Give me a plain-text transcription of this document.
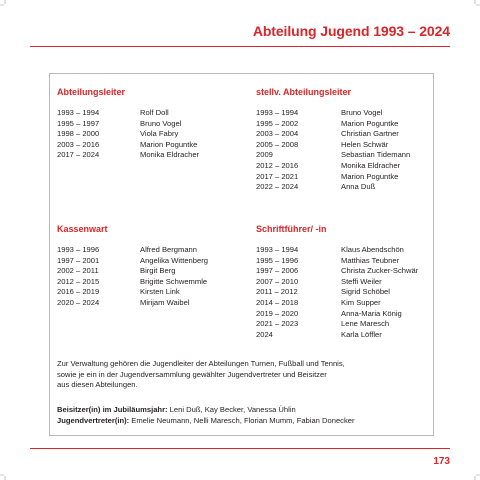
Abteilung Jugend 1993 – 2024
Abteilungsleiter
1993 – 1994	Rolf Doll
1995 – 1997	Bruno Vogel
1998 – 2000	Viola Fabry
2003 – 2016	Marion Poguntke
2017 – 2024	Monika Eldracher
stellv. Abteilungsleiter
1993 – 1994	Bruno Vogel
1995 – 2002	Marion Poguntke
2003 – 2004	Christian Gartner
2005 – 2008	Helen Schwär
2009	Sebastian Tidemann
2012 – 2016	Monika Eldracher
2017 – 2021	Marion Poguntke
2022 – 2024	Anna Duß
Kassenwart
1993 – 1996	Alfred Bergmann
1997 – 2001	Angelika Wittenberg
2002 – 2011	Birgit Berg
2012 – 2015	Brigitte Schwemmle
2016 – 2019	Kirsten Link
2020 – 2024	Mirijam Waibel
Schriftführer/ -in
1993 – 1994	Klaus Abendschön
1995 – 1996	Matthias Teubner
1997 – 2006	Christa Zucker-Schwär
2007 – 2010	Steffi Weiler
2011 – 2012	Sigrid Schöbel
2014 – 2018	Kim Supper
2019 – 2020	Anna-Maria König
2021 – 2023	Lene Maresch
2024	Karla Löffler
Zur Verwaltung gehören die Jugendleiter der Abteilungen Turnen, Fußball und Tennis,
sowie je ein in der Jugendversammlung gewählter Jugendvertreter und Beisitzer
aus diesen Abteilungen.
Beisitzer(in) im Jubiläumsjahr: Leni Duß, Kay Becker, Vanessa Ühlin
Jugendvertreter(in): Emelie Neumann, Nelli Maresch, Florian Mumm, Fabian Donecker
173
